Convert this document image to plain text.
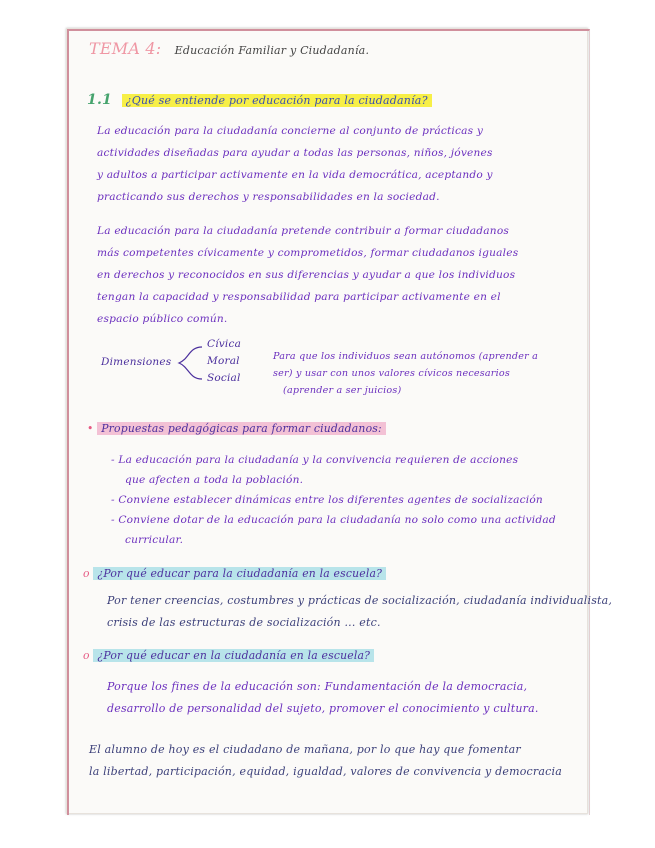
TEMA 4: Educación Familiar y Ciudadanía.
1.1 ¿Qué se entiende por educación para la ciudadanía?
La educación para la ciudadanía concierne al conjunto de prácticas y
actividades diseñadas para ayudar a todas las personas, niños, jóvenes
y adultos a participar activamente en la vida democrática, aceptando y
practicando sus derechos y responsabilidades en la sociedad.
La educación para la ciudadanía pretende contribuir a formar ciudadanos
más competentes cívicamente y comprometidos, formar ciudadanos iguales
en derechos y reconocidos en sus diferencias y ayudar a que los individuos
tengan la capacidad y responsabilidad para participar activamente en el
espacio público común.
Dimensiones
Cívica
Moral
Social
Para que los individuos sean autónomos (aprender a
ser) y usar con unos valores cívicos necesarios
(aprender a ser juicios)
• Propuestas pedagógicas para formar ciudadanos:
- La educación para la ciudadanía y la convivencia requieren de acciones
que afecten a toda la población.
- Conviene establecer dinámicas entre los diferentes agentes de socialización
- Conviene dotar de la educación para la ciudadanía no solo como una actividad
curricular.
o ¿Por qué educar para la ciudadanía en la escuela?
Por tener creencias, costumbres y prácticas de socialización, ciudadanía individualista,
crisis de las estructuras de socialización ... etc.
o ¿Por qué educar en la ciudadanía en la escuela?
Porque los fines de la educación son: Fundamentación de la democracia,
desarrollo de personalidad del sujeto, promover el conocimiento y cultura.
El alumno de hoy es el ciudadano de mañana, por lo que hay que fomentar
la libertad, participación, equidad, igualdad, valores de convivencia y democracia
